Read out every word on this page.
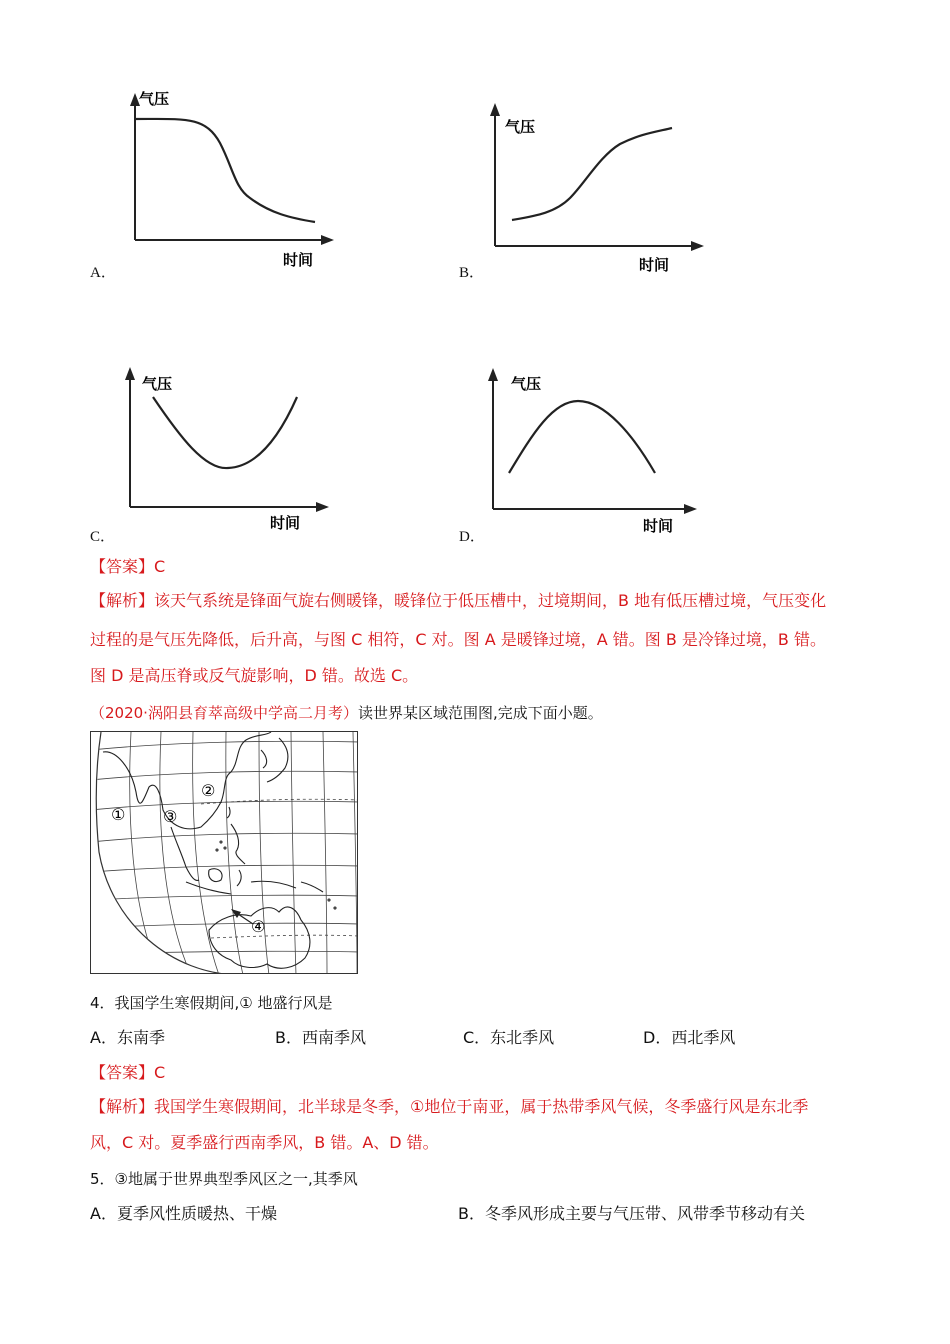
气压
时间
A．
气压
时间
B．
气压
时间
C．
气压
时间
D．
【答案】C
【解析】该天气系统是锋面气旋右侧暖锋，暖锋位于低压槽中，过境期间，B 地有低压槽过境，气压变化
过程的是气压先降低，后升高，与图 C 相符，C 对。图 A 是暖锋过境，A 错。图 B 是冷锋过境，B 错。
图 D 是高压脊或反气旋影响，D 错。故选 C。
（2020·涡阳县育萃高级中学高二月考）读世界某区域范围图,完成下面小题。
①
②
③
④
4．我国学生寒假期间,① 地盛行风是
A．东南季	B．西南季风	C．东北季风	D．西北季风
【答案】C
【解析】我国学生寒假期间，北半球是冬季，①地位于南亚，属于热带季风气候，冬季盛行风是东北季
风，C 对。夏季盛行西南季风，B 错。A、D 错。
5．③地属于世界典型季风区之一,其季风
A．夏季风性质暖热、干燥	B．冬季风形成主要与气压带、风带季节移动有关
